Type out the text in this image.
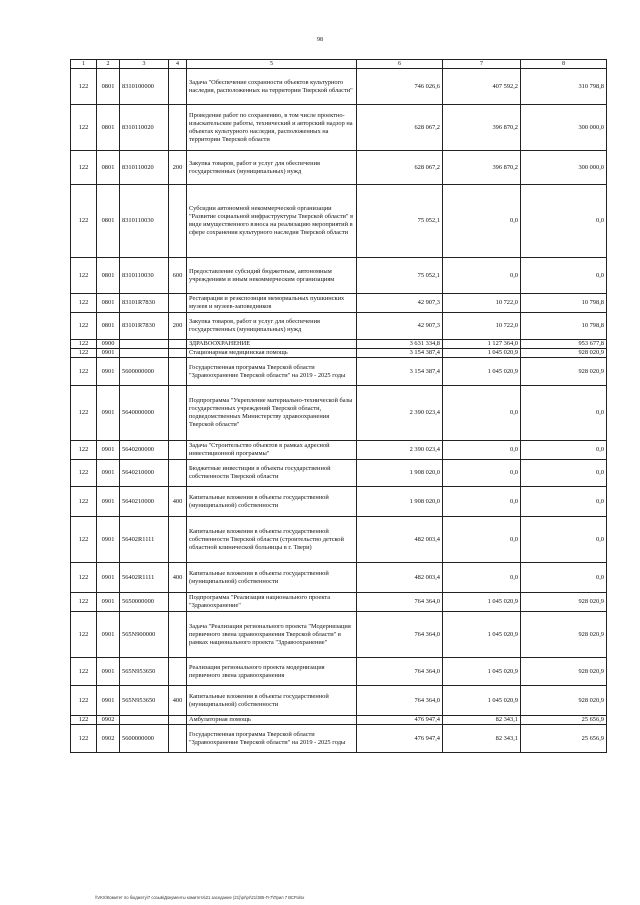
98
1	2	3	4	5	6	7	8
122	0801	8310100000		Задача "Обеспечение сохранности объектов культурного наследия, расположенных на территории Тверской области"	746 026,6	407 592,2	310 798,8
122	0801	8310110020		Проведение работ по сохранению, в том числе проектно-изыскательские работы, технический и авторский надзор на объектах культурного наследия, расположенных на территории Тверской области	628 067,2	396 870,2	300 000,0
122	0801	8310110020	200	Закупка товаров, работ и услуг для обеспечения государственных (муниципальных) нужд	628 067,2	396 870,2	300 000,0
122	0801	8310110030		Субсидии автономной некоммерческой организации "Развитие социальной инфраструктуры Тверской области" в виде имущественного взноса на реализацию мероприятий в сфере сохранения культурного наследия Тверской области	75 052,1	0,0	0,0
122	0801	8310110030	600	Предоставление субсидий бюджетным, автономным учреждениям и иным некоммерческим организациям	75 052,1	0,0	0,0
122	0801	83101R7830		Реставрация и реэкспозиция мемориальных пушкинских музеев и музеев-заповедников	42 907,3	10 722,0	10 798,8
122	0801	83101R7830	200	Закупка товаров, работ и услуг для обеспечения государственных (муниципальных) нужд	42 907,3	10 722,0	10 798,8
122	0900			ЗДРАВООХРАНЕНИЕ	3 631 334,8	1 127 364,0	953 677,8
122	0901			Стационарная медицинская помощь	3 154 387,4	1 045 020,9	928 020,9
122	0901	5600000000		Государственная программа Тверской области "Здравоохранение Тверской области" на 2019 - 2025 годы	3 154 387,4	1 045 020,9	928 020,9
122	0901	5640000000		Подпрограмма "Укрепление материально-технической базы государственных учреждений Тверской области, подведомственных Министерству здравоохранения Тверской области"	2 390 023,4	0,0	0,0
122	0901	5640200000		Задача "Строительство объектов в рамках адресной инвестиционной программы"	2 390 023,4	0,0	0,0
122	0901	5640210000		Бюджетные инвестиции в объекты государственной собственности Тверской области	1 908 020,0	0,0	0,0
122	0901	5640210000	400	Капитальные вложения в объекты государственной (муниципальной) собственности	1 908 020,0	0,0	0,0
122	0901	56402R1111		Капитальные вложения в объекты государственной собственности Тверской области (строительство детской областной клинической больницы в г. Твери)	482 003,4	0,0	0,0
122	0901	56402R1111	400	Капитальные вложения в объекты государственной (муниципальной) собственности	482 003,4	0,0	0,0
122	0901	5650000000		Подпрограмма "Реализация национального проекта "Здравоохранение"	764 364,0	1 045 020,9	928 020,9
122	0901	565N900000		Задача "Реализация регионального проекта "Модернизация первичного звена здравоохранения Тверской области" в рамках национального проекта "Здравоохранение"	764 364,0	1 045 020,9	928 020,9
122	0901	565N953650		Реализация регионального проекта модернизация первичного звена здравоохранения	764 364,0	1 045 020,9	928 020,9
122	0901	565N953650	400	Капитальные вложения в объекты государственной (муниципальной) собственности	764 364,0	1 045 020,9	928 020,9
122	0902			Амбулаторная помощь	476 947,4	82 343,1	25 656,9
122	0902	5600000000		Государственная программа Тверской области "Здравоохранение Тверской области" на 2019 - 2025 годы	476 947,4	82 343,1	25 656,9
\\VKS\Комитет по бюджету\7 созыв\Документы комитета\21 заседание (21)\pr\pr\21\385-П-7\Прил 7 ВСР.xlsx
